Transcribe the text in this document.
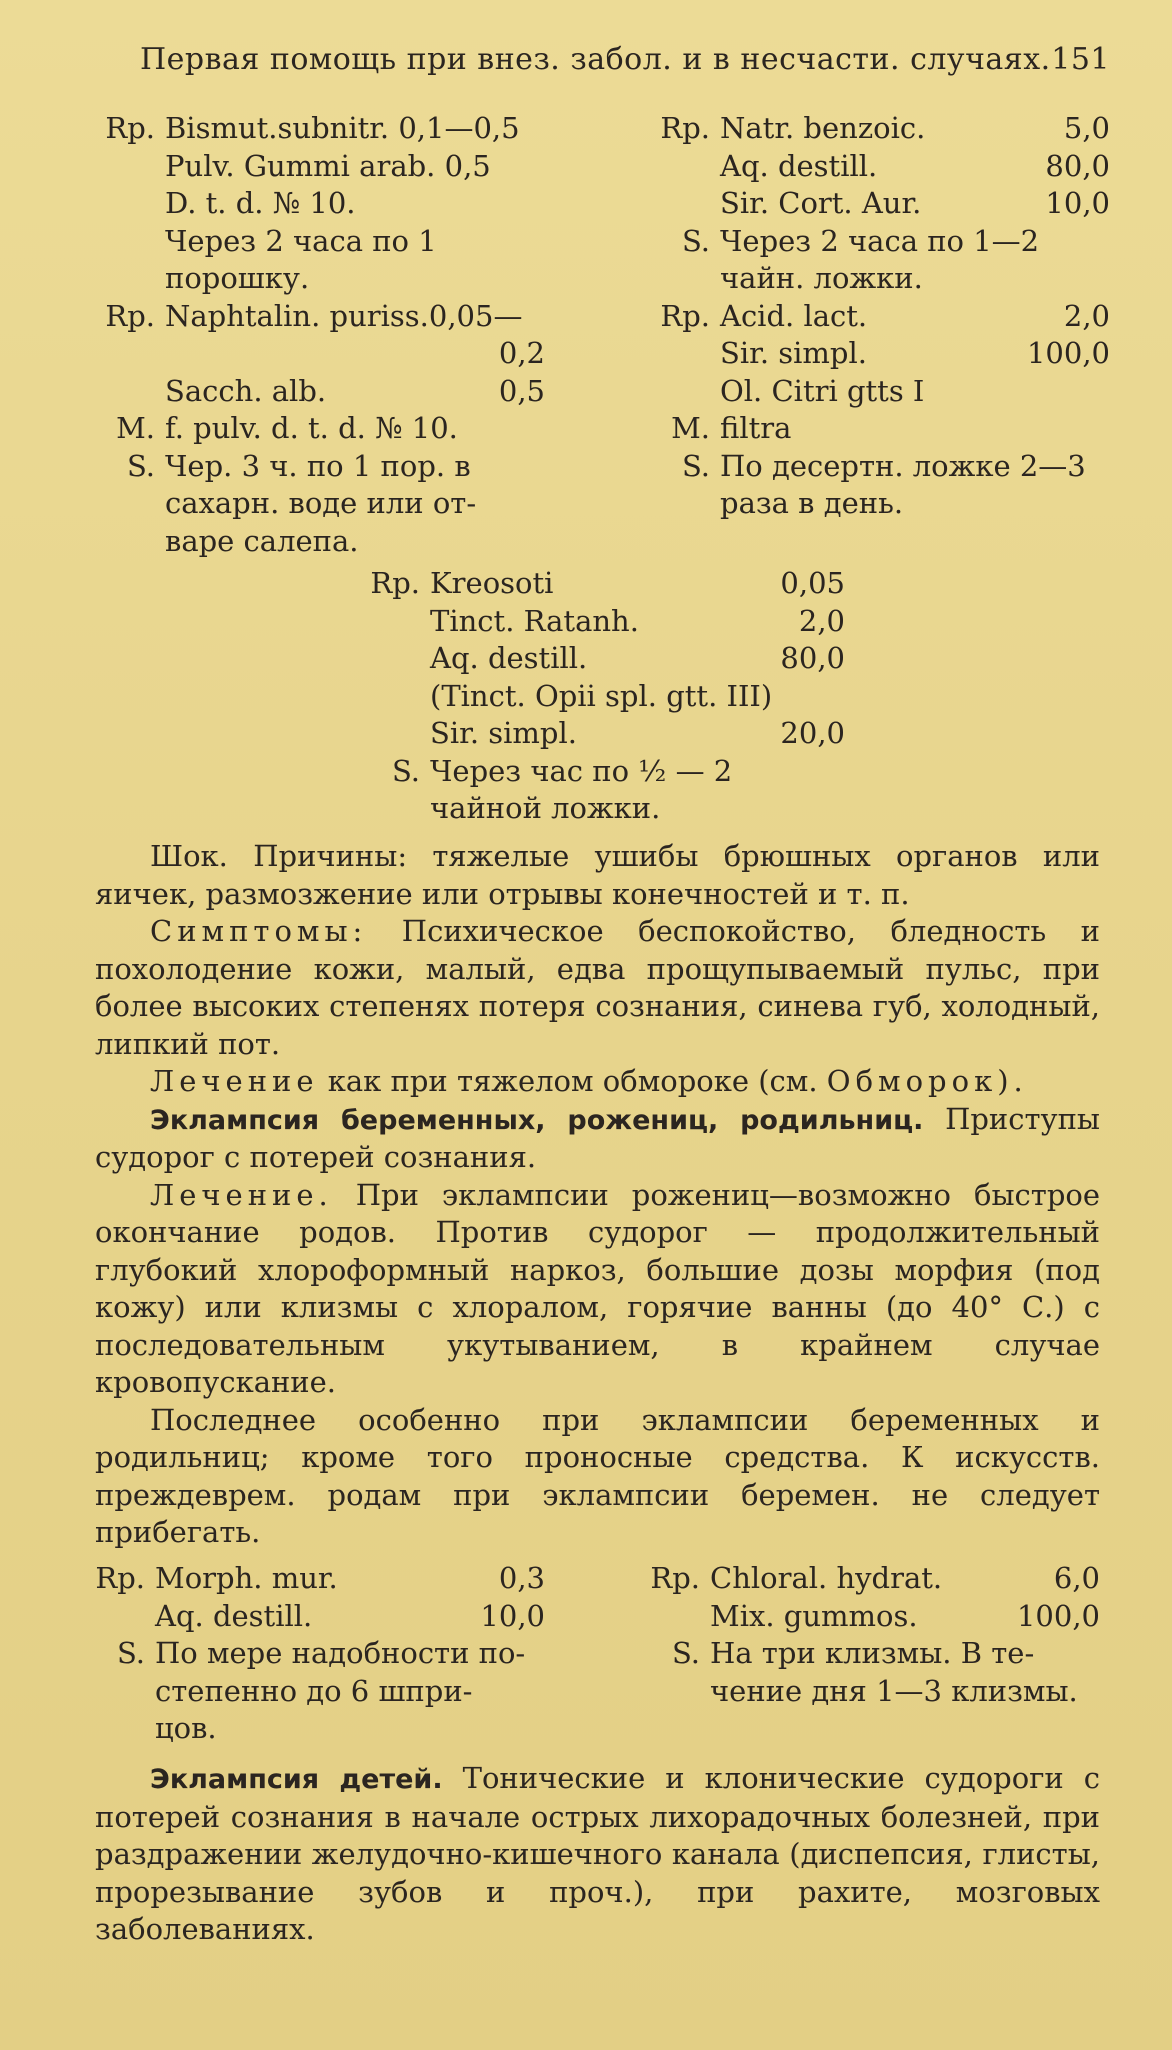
Первая помощь при внез. забол. и в несчасти. случаях. 151
Rp. Bismut.subnitr. 0,1—0,5
Pulv. Gummi arab. 0,5
D. t. d. № 10.
Через 2 часа по 1
порошку.
Rp. Naphtalin. puriss.0,05—
0,2
Sacch. alb.	0,5
M. f. pulv. d. t. d. № 10.
S. Чер. 3 ч. по 1 пор. в
сахарн. воде или от-
варе салепа.
Rp. Natr. benzoic.	5,0
Aq. destill.	80,0
Sir. Cort. Aur.	10,0
S. Через 2 часа по 1—2
чайн. ложки.
Rp. Acid. lact.	2,0
Sir. simpl.	100,0
Ol. Citri gtts I
M. filtra
S. По десертн. ложке 2—3
раза в день.
Rp. Kreosoti	0,05
Tinct. Ratanh.	2,0
Aq. destill.	80,0
(Tinct. Opii spl. gtt. III)
Sir. simpl.	20,0
S. Через час по ½ — 2
чайной ложки.

Шок. Причины: тяжелые ушибы брюшных органов или яичек, размозжение или отрывы конечностей и т. п.

Симптомы: Психическое беспокойство, бледность и похолодение кожи, малый, едва прощупываемый пульс, при более высоких степенях потеря сознания, синева губ, холодный, липкий пот.

Лечение как при тяжелом обмороке (см. Обморок).

Эклампсия беременных, рожениц, родильниц. Приступы судорог с потерей сознания.

Лечение. При эклампсии рожениц—возможно быстрое окончание родов. Против судорог — продолжительный глубокий хлороформный наркоз, большие дозы морфия (под кожу) или клизмы с хлоралом, горячие ванны (до 40° С.) с последовательным укутыванием, в крайнем случае кровопускание.

Последнее особенно при эклампсии беременных и родильниц; кроме того проносные средства. К искусств. преждеврем. родам при эклампсии беремен. не следует прибегать.

Rp. Morph. mur.	0,3
Aq. destill.	10,0
S. По мере надобности по-
степенно до 6 шпри-
цов.
Rp. Chloral. hydrat.	6,0
Mix. gummos.	100,0
S. На три клизмы. В те-
чение дня 1—3 клизмы.

Эклампсия детей. Тонические и клонические судороги с потерей сознания в начале острых лихорадочных болезней, при раздражении желудочно-кишечного канала (диспепсия, глисты, прорезывание зубов и проч.), при рахите, мозговых заболеваниях.
